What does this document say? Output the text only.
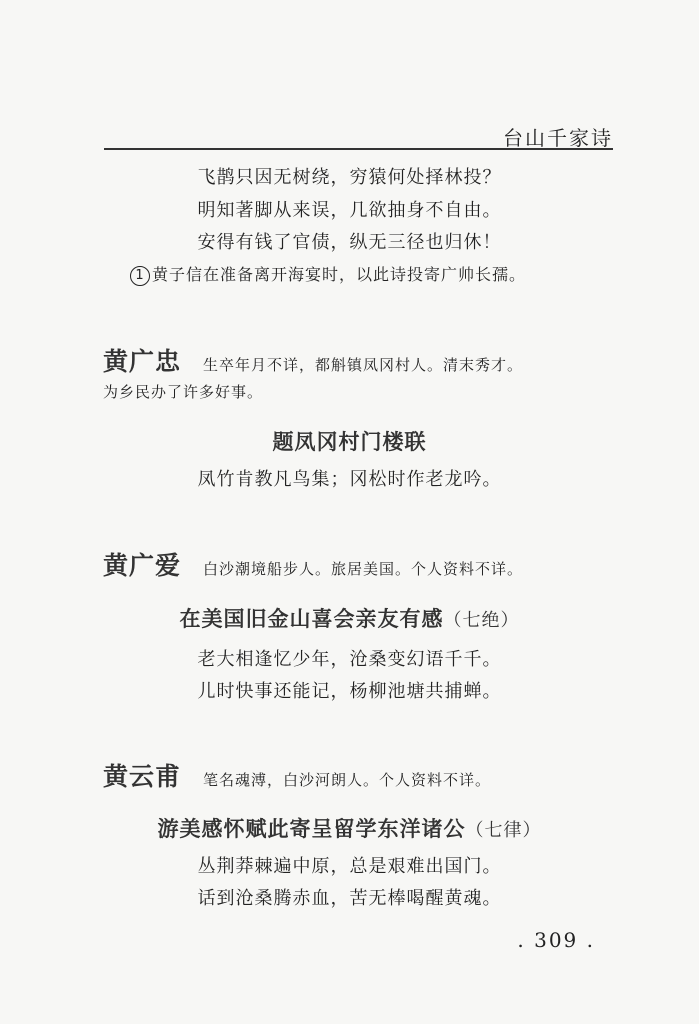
台山千家诗
飞鹊只因无树绕，穷猿何处择林投？
明知著脚从来误，几欲抽身不自由。
安得有钱了官债，纵无三径也归休！
1 黄子信在准备离开海宴时，以此诗投寄广帅长孺。
黄广忠 生卒年月不详，都斛镇凤冈村人。清末秀才。
为乡民办了许多好事。
题凤冈村门楼联
凤竹肯教凡鸟集；冈松时作老龙吟。
黄广爱 白沙潮境船步人。旅居美国。个人资料不详。
在美国旧金山喜会亲友有感（七绝）
老大相逢忆少年，沧桑变幻语千千。
儿时快事还能记，杨柳池塘共捕蝉。
黄云甫 笔名魂溥，白沙河朗人。个人资料不详。
游美感怀赋此寄呈留学东洋诸公（七律）
丛荆莽棘遍中原，总是艰难出国门。
话到沧桑腾赤血，苦无棒喝醒黄魂。
. 309 .
